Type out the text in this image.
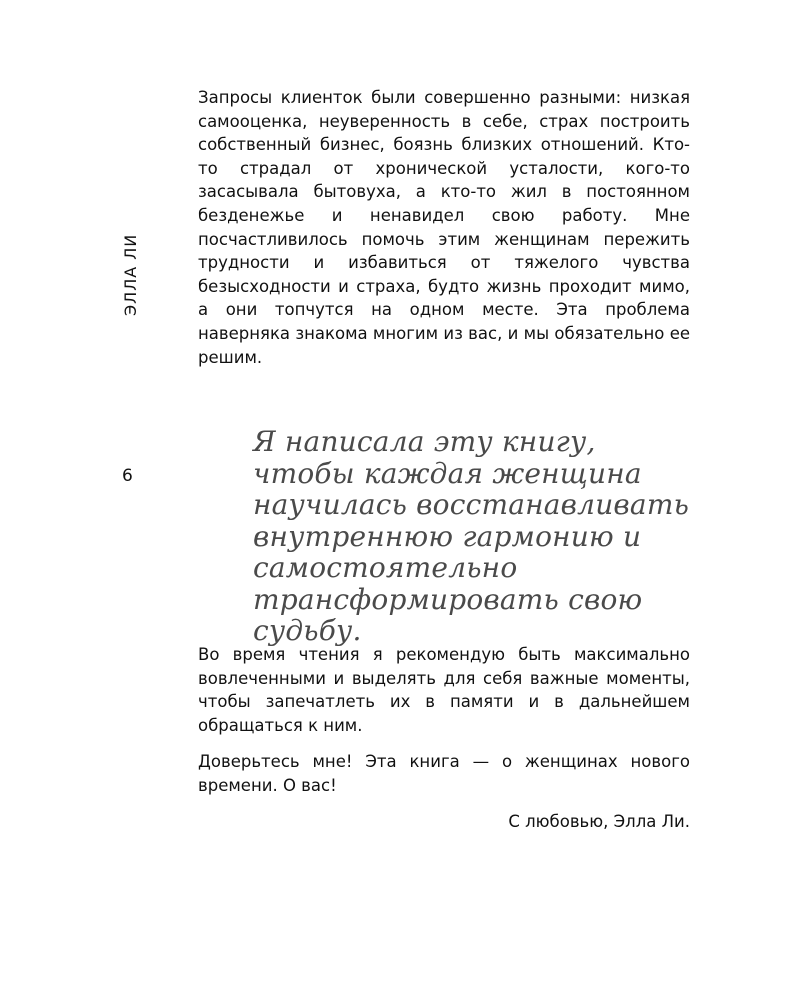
ЭЛЛА ЛИ
6

Запросы клиенток были совершенно разными: низкая самооценка, неуверенность в себе, страх построить собственный бизнес, боязнь близких отношений. Кто-то страдал от хронической усталости, кого-то засасывала бытовуха, а кто-то жил в постоянном безденежье и ненавидел свою работу. Мне посчастливилось помочь этим женщинам пережить трудности и избавиться от тяжелого чувства безысходности и страха, будто жизнь проходит мимо, а они топчутся на одном месте. Эта проблема наверняка знакома многим из вас, и мы обязательно ее решим.

Я написала эту книгу, чтобы каждая женщина научилась восстанавливать внутреннюю гармонию и самостоятельно трансформировать свою судьбу.

Во время чтения я рекомендую быть максимально вовлеченными и выделять для себя важные моменты, чтобы запечатлеть их в памяти и в дальнейшем обращаться к ним.

Доверьтесь мне! Эта книга — о женщинах нового времени. О вас!

С любовью, Элла Ли.
